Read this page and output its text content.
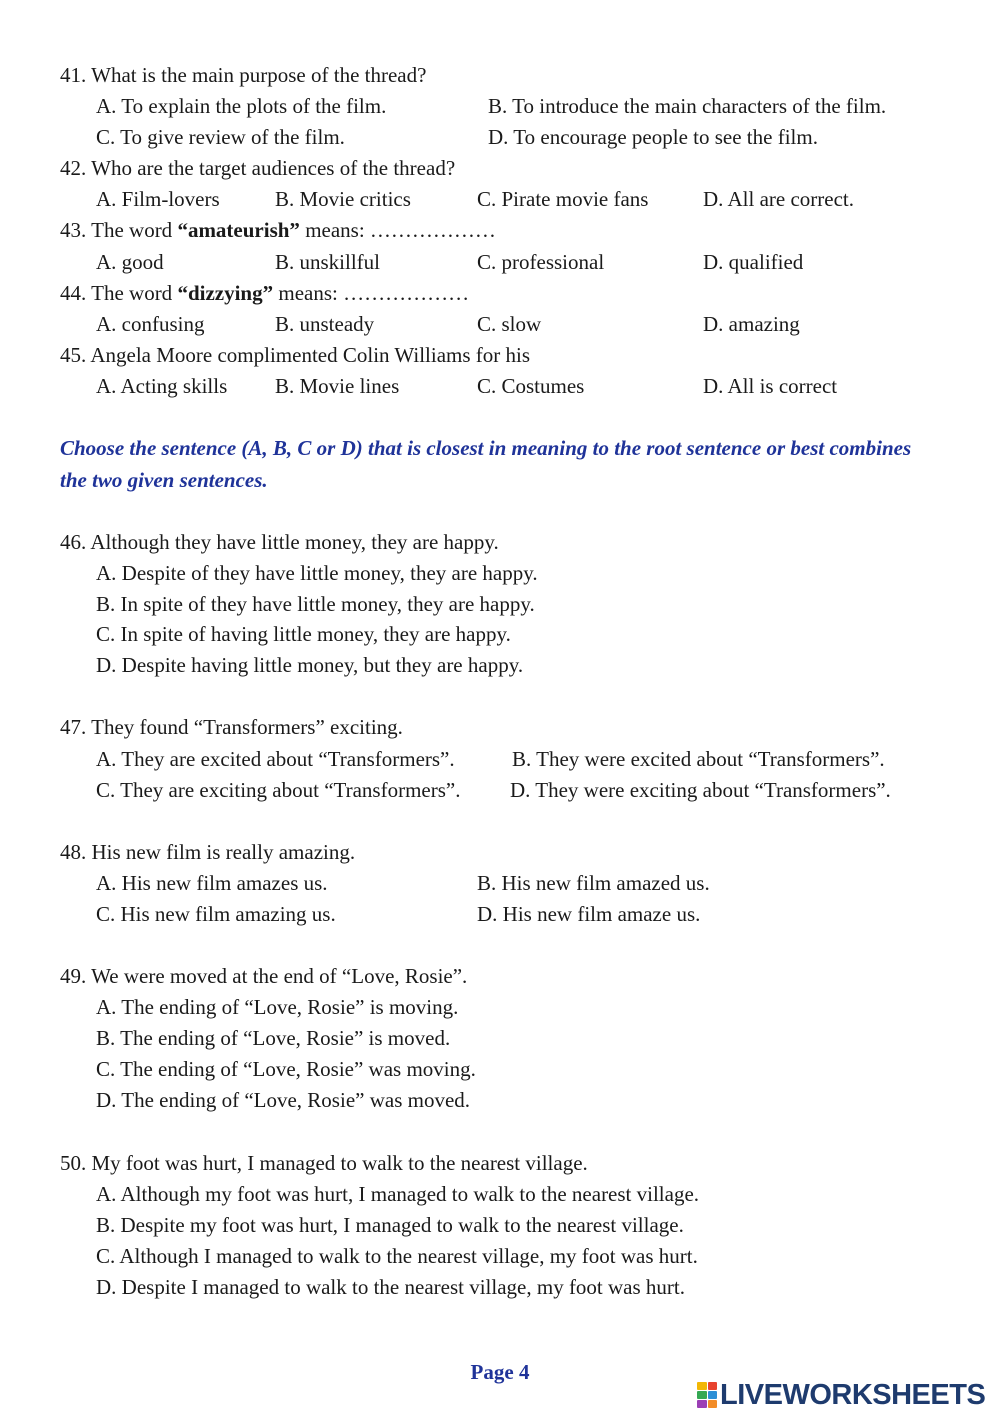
41. What is the main purpose of the thread?
A. To explain the plots of the film.	B. To introduce the main characters of the film.
C. To give review of the film.	D. To encourage people to see the film.
42. Who are the target audiences of the thread?
A. Film-lovers	B. Movie critics	C. Pirate movie fans	D. All are correct.
43. The word “amateurish” means: ………………
A. good	B. unskillful	C. professional	D. qualified
44. The word “dizzying” means: ………………
A. confusing	B. unsteady	C. slow	D. amazing
45. Angela Moore complimented Colin Williams for his
A. Acting skills B. Movie lines	C. Costumes	D. All is correct
Choose the sentence (A, B, C or D) that is closest in meaning to the root sentence or best combines the two given sentences.
46. Although they have little money, they are happy.
A. Despite of they have little money, they are happy.
B. In spite of they have little money, they are happy.
C. In spite of having little money, they are happy.
D. Despite having little money, but they are happy.
47. They found “Transformers” exciting.
A. They are excited about “Transformers”.	B. They were excited about “Transformers”.
C. They are exciting about “Transformers”. D. They were exciting about “Transformers”.
48. His new film is really amazing.
A. His new film amazes us.	B. His new film amazed us.
C. His new film amazing us.	D. His new film amaze us.
49. We were moved at the end of “Love, Rosie”.
A. The ending of “Love, Rosie” is moving.
B. The ending of “Love, Rosie” is moved.
C. The ending of “Love, Rosie” was moving.
D. The ending of “Love, Rosie” was moved.
50. My foot was hurt, I managed to walk to the nearest village.
A. Although my foot was hurt, I managed to walk to the nearest village.
B. Despite my foot was hurt, I managed to walk to the nearest village.
C. Although I managed to walk to the nearest village, my foot was hurt.
D. Despite I managed to walk to the nearest village, my foot was hurt.
Page 4
LIVEWORKSHEETS
